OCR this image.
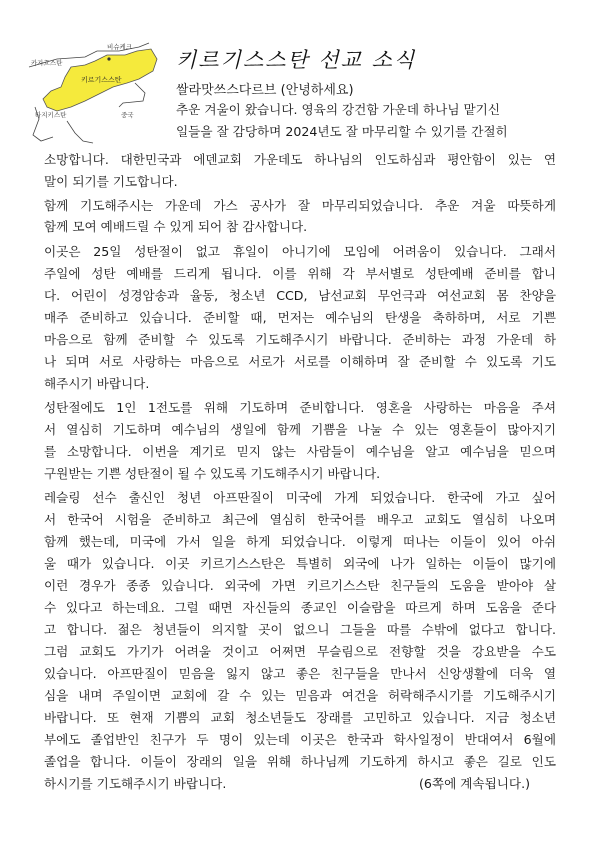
카자흐스탄
비슈케크
키르기스스탄
타지키스탄	중국
키르기스스탄 선교 소식
쌀라맛쓰스다르브 (안녕하세요)
추운 겨울이 왔습니다. 영육의 강건함 가운데 하나님 맡기신
일들을 잘 감당하며 2024년도 잘 마무리할 수 있기를 간절히
소망합니다. 대한민국과 에덴교회 가운데도 하나님의 인도하심과 평안함이 있는 연
말이 되기를 기도합니다.
함께 기도해주시는 가운데 가스 공사가 잘 마무리되었습니다. 추운 겨울 따뜻하게
함께 모여 예배드릴 수 있게 되어 참 감사합니다.
이곳은 25일 성탄절이 없고 휴일이 아니기에 모임에 어려움이 있습니다. 그래서
주일에 성탄 예배를 드리게 됩니다. 이를 위해 각 부서별로 성탄예배 준비를 합니
다. 어린이 성경암송과 율동, 청소년 CCD, 남선교회 무언극과 여선교회 몸 찬양을
매주 준비하고 있습니다. 준비할 때, 먼저는 예수님의 탄생을 축하하며, 서로 기쁜
마음으로 함께 준비할 수 있도록 기도해주시기 바랍니다. 준비하는 과정 가운데 하
나 되며 서로 사랑하는 마음으로 서로가 서로를 이해하며 잘 준비할 수 있도록 기도
해주시기 바랍니다.
성탄절에도 1인 1전도를 위해 기도하며 준비합니다. 영혼을 사랑하는 마음을 주셔
서 열심히 기도하며 예수님의 생일에 함께 기쁨을 나눌 수 있는 영혼들이 많아지기
를 소망합니다. 이번을 계기로 믿지 않는 사람들이 예수님을 알고 예수님을 믿으며
구원받는 기쁜 성탄절이 될 수 있도록 기도해주시기 바랍니다.
레슬링 선수 출신인 청년 아프딴질이 미국에 가게 되었습니다. 한국에 가고 싶어
서 한국어 시험을 준비하고 최근에 열심히 한국어를 배우고 교회도 열심히 나오며
함께 했는데, 미국에 가서 일을 하게 되었습니다. 이렇게 떠나는 이들이 있어 아쉬
울 때가 있습니다. 이곳 키르기스스탄은 특별히 외국에 나가 일하는 이들이 많기에
이런 경우가 종종 있습니다. 외국에 가면 키르기스스탄 친구들의 도움을 받아야 살
수 있다고 하는데요. 그럴 때면 자신들의 종교인 이슬람을 따르게 하며 도움을 준다
고 합니다. 젊은 청년들이 의지할 곳이 없으니 그들을 따를 수밖에 없다고 합니다.
그럼 교회도 가기가 어려울 것이고 어쩌면 무슬림으로 전향할 것을 강요받을 수도
있습니다. 아프딴질이 믿음을 잃지 않고 좋은 친구들을 만나서 신앙생활에 더욱 열
심을 내며 주일이면 교회에 갈 수 있는 믿음과 여건을 허락해주시기를 기도해주시기
바랍니다. 또 현재 기쁨의 교회 청소년들도 장래를 고민하고 있습니다. 지금 청소년
부에도 졸업반인 친구가 두 명이 있는데 이곳은 한국과 학사일정이 반대여서 6월에
졸업을 합니다. 이들이 장래의 일을 위해 하나님께 기도하게 하시고 좋은 길로 인도
하시기를 기도해주시기 바랍니다.	(6쪽에 계속됩니다.)
